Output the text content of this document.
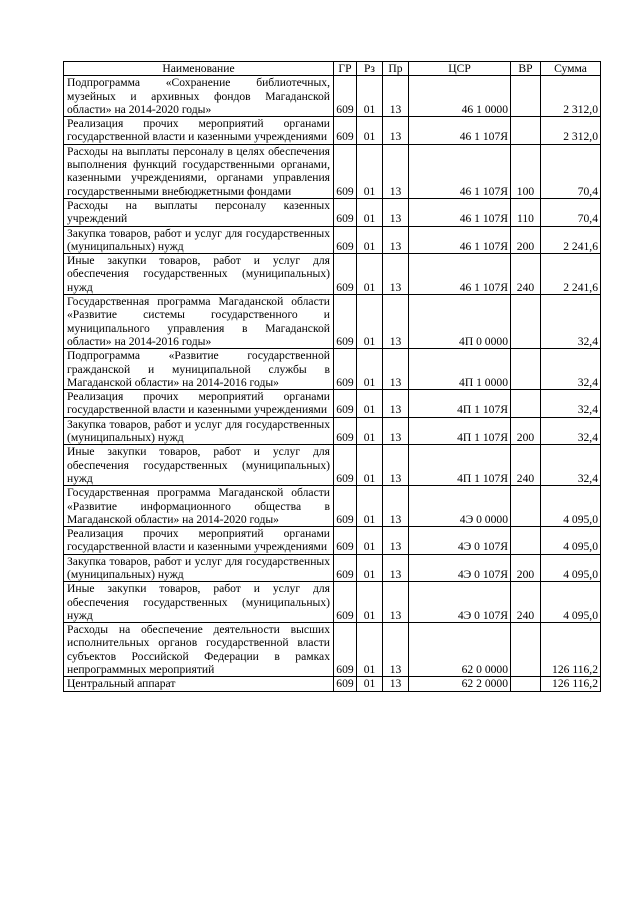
Наименование	ГР	Рз	Пр	ЦСР	ВР	Сумма
Подпрограмма «Сохранение библиотечных, музейных и архивных фондов Магаданской области» на 2014-2020 годы»	609	01	13	46 1 0000		2 312,0
Реализация прочих мероприятий органами государственной власти и казенными учреждениями	609	01	13	46 1 107Я		2 312,0
Расходы на выплаты персоналу в целях обеспечения выполнения функций государственными органами, казенными учреждениями, органами управления государственными внебюджетными фондами	609	01	13	46 1 107Я	100	70,4
Расходы на выплаты персоналу казенных учреждений	609	01	13	46 1 107Я	110	70,4
Закупка товаров, работ и услуг для государственных (муниципальных) нужд	609	01	13	46 1 107Я	200	2 241,6
Иные закупки товаров, работ и услуг для обеспечения государственных (муниципальных) нужд	609	01	13	46 1 107Я	240	2 241,6
Государственная программа Магаданской области «Развитие системы государственного и муниципального управления в Магаданской области» на 2014-2016 годы»	609	01	13	4П 0 0000		32,4
Подпрограмма «Развитие государственной гражданской и муниципальной службы в Магаданской области» на 2014-2016 годы»	609	01	13	4П 1 0000		32,4
Реализация прочих мероприятий органами государственной власти и казенными учреждениями	609	01	13	4П 1 107Я		32,4
Закупка товаров, работ и услуг для государственных (муниципальных) нужд	609	01	13	4П 1 107Я	200	32,4
Иные закупки товаров, работ и услуг для обеспечения государственных (муниципальных) нужд	609	01	13	4П 1 107Я	240	32,4
Государственная программа Магаданской области «Развитие информационного общества в Магаданской области» на 2014-2020 годы»	609	01	13	4Э 0 0000		4 095,0
Реализация прочих мероприятий органами государственной власти и казенными учреждениями	609	01	13	4Э 0 107Я		4 095,0
Закупка товаров, работ и услуг для государственных (муниципальных) нужд	609	01	13	4Э 0 107Я	200	4 095,0
Иные закупки товаров, работ и услуг для обеспечения государственных (муниципальных) нужд	609	01	13	4Э 0 107Я	240	4 095,0
Расходы на обеспечение деятельности высших исполнительных органов государственной власти субъектов Российской Федерации в рамках непрограммных мероприятий	609	01	13	62 0 0000		126 116,2
Центральный аппарат	609	01	13	62 2 0000		126 116,2
